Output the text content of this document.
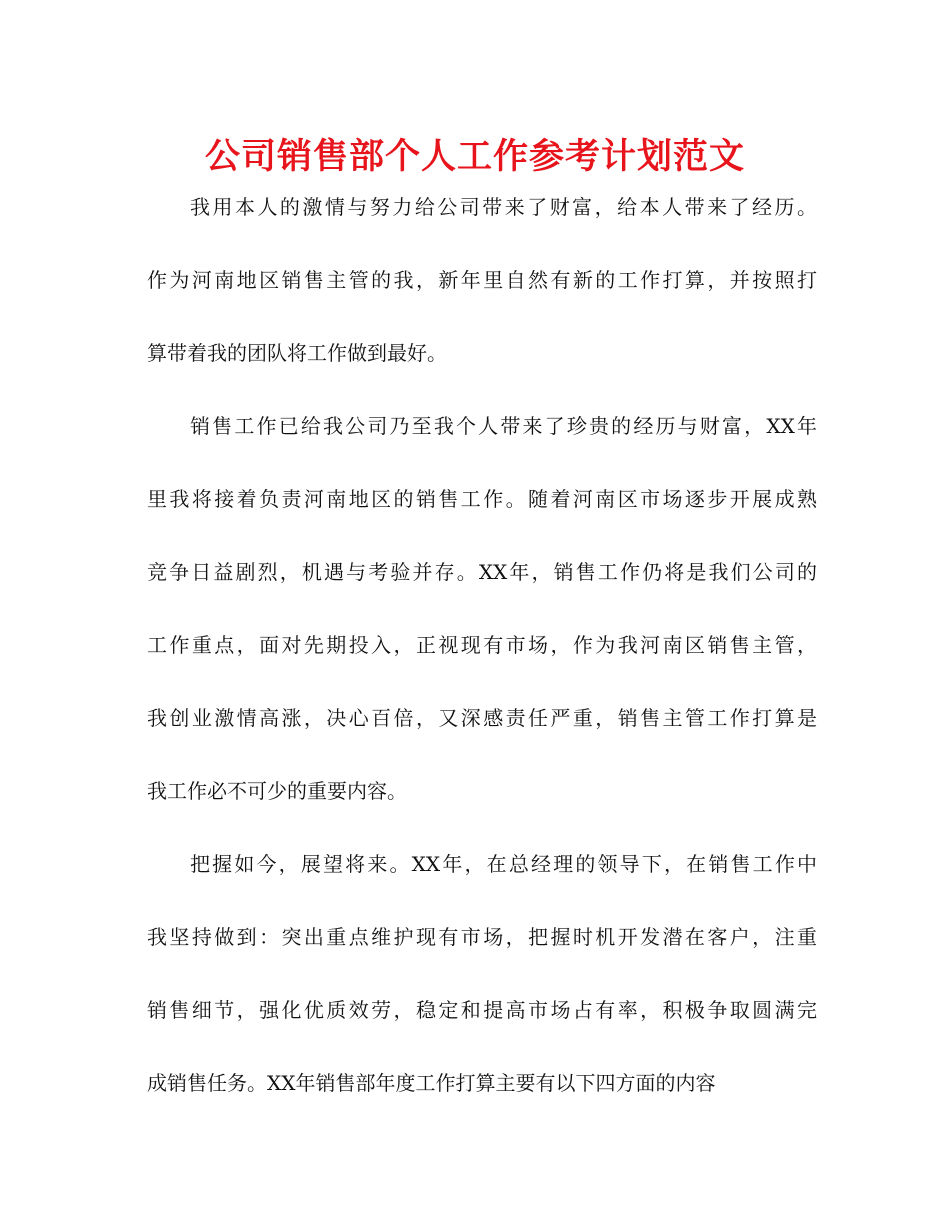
公司销售部个人工作参考计划范文

我用本人的激情与努力给公司带来了财富，给本人带来了经历。

作为河南地区销售主管的我，新年里自然有新的工作打算，并按照打

算带着我的团队将工作做到最好。

销售工作已给我公司乃至我个人带来了珍贵的经历与财富，XX年

里我将接着负责河南地区的销售工作。随着河南区市场逐步开展成熟

竞争日益剧烈，机遇与考验并存。XX年，销售工作仍将是我们公司的

工作重点，面对先期投入，正视现有市场，作为我河南区销售主管，

我创业激情高涨，决心百倍，又深感责任严重，销售主管工作打算是

我工作必不可少的重要内容。

把握如今，展望将来。XX年，在总经理的领导下，在销售工作中

我坚持做到：突出重点维护现有市场，把握时机开发潜在客户，注重

销售细节，强化优质效劳，稳定和提高市场占有率，积极争取圆满完

成销售任务。XX年销售部年度工作打算主要有以下四方面的内容
